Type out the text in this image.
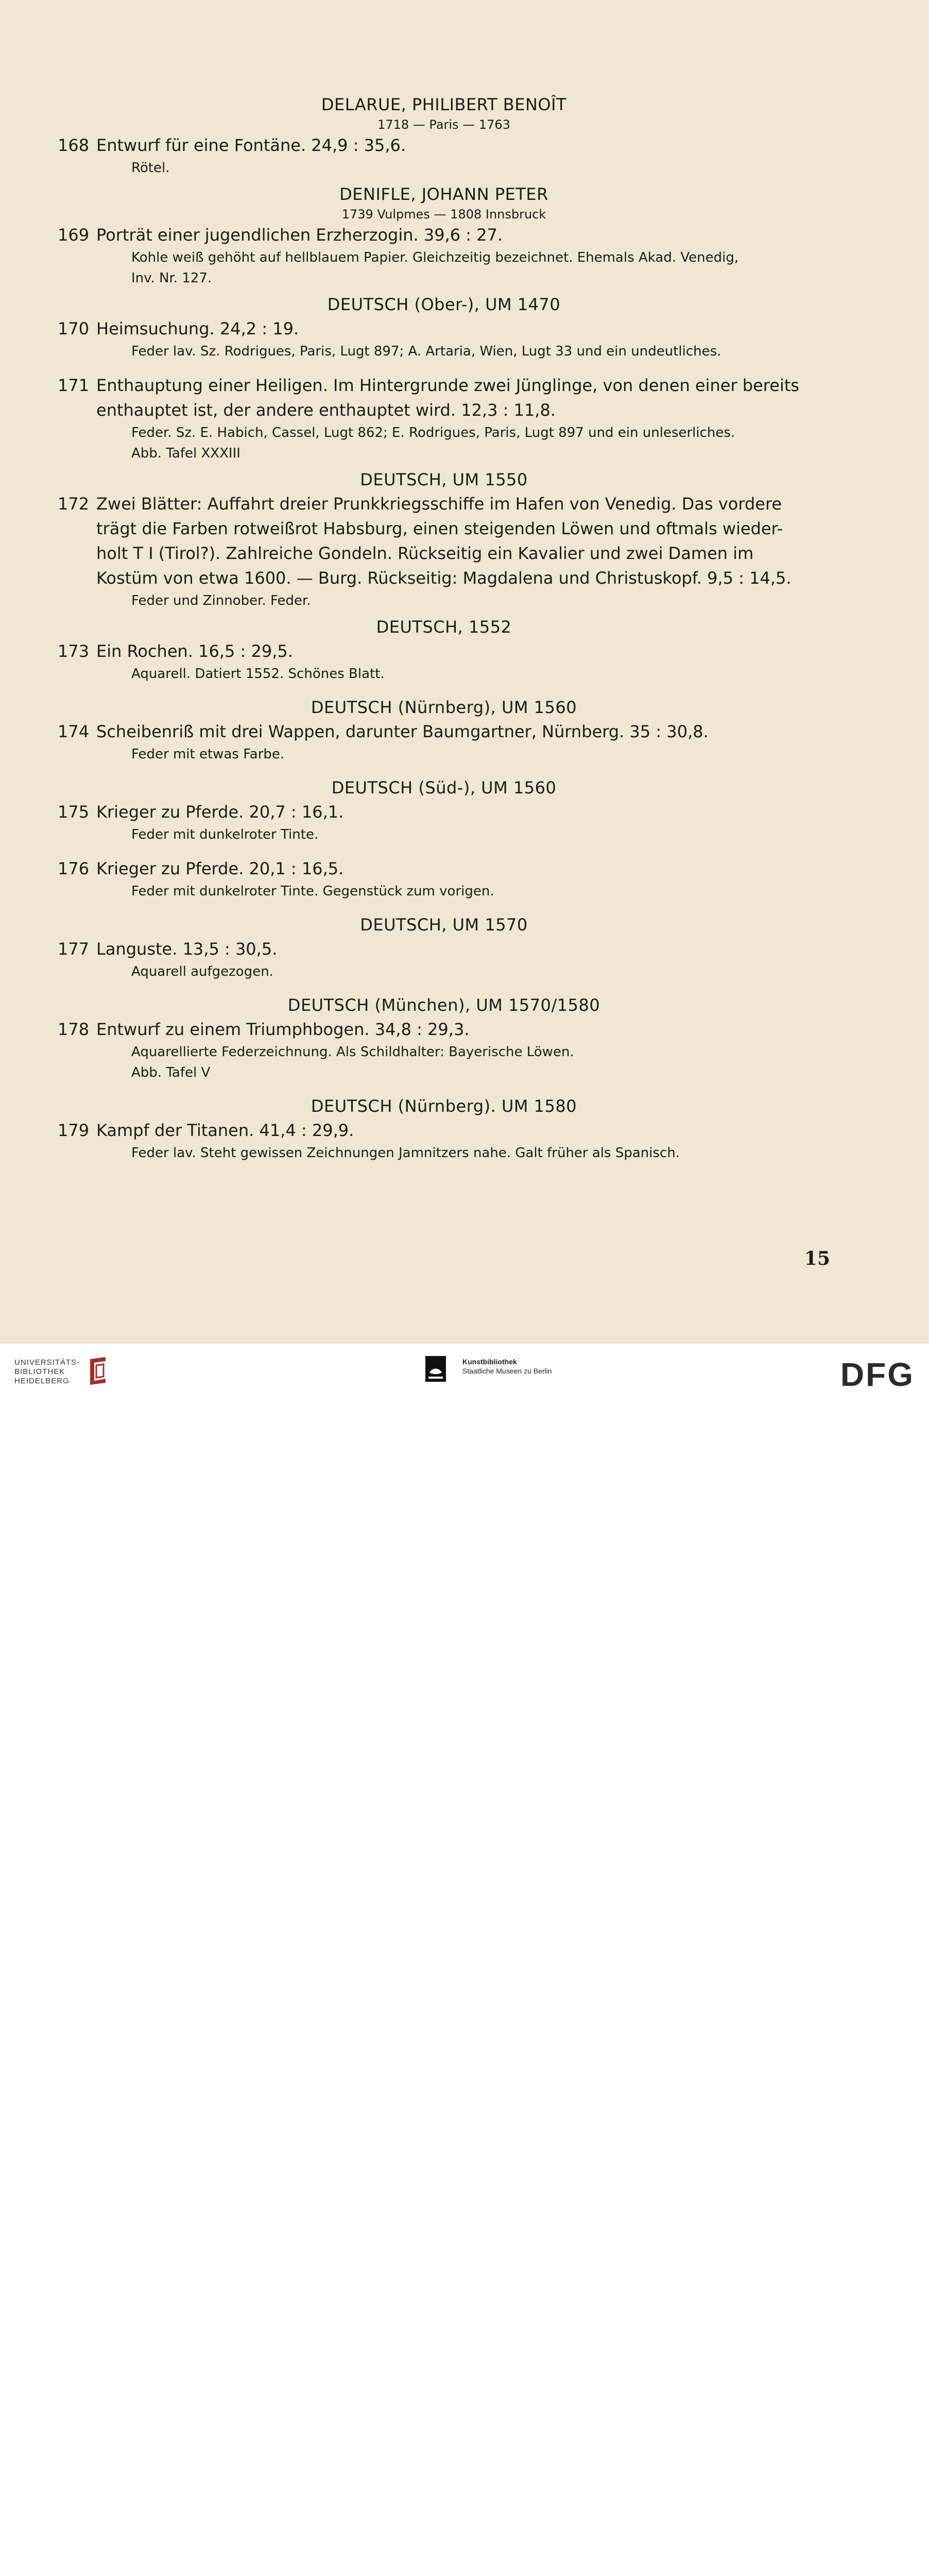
DELARUE, PHILIBERT BENOÎT

1718 — Paris — 1763

168 Entwurf für eine Fontäne. 24,9 : 35,6.

Rötel.

DENIFLE, JOHANN PETER

1739 Vulpmes — 1808 Innsbruck

169 Porträt einer jugendlichen Erzherzogin. 39,6 : 27.

Kohle weiß gehöht auf hellblauem Papier. Gleichzeitig bezeichnet. Ehemals Akad. Venedig,

Inv. Nr. 127.

DEUTSCH (Ober-), UM 1470

170 Heimsuchung. 24,2 : 19.

Feder lav. Sz. Rodrigues, Paris, Lugt 897; A. Artaria, Wien, Lugt 33 und ein undeutliches.

171 Enthauptung einer Heiligen. Im Hintergrunde zwei Jünglinge, von denen einer bereits

enthauptet ist, der andere enthauptet wird. 12,3 : 11,8.

Feder. Sz. E. Habich, Cassel, Lugt 862; E. Rodrigues, Paris, Lugt 897 und ein unleserliches.

Abb. Tafel XXXIII

DEUTSCH, UM 1550

172 Zwei Blätter: Auffahrt dreier Prunkkriegsschiffe im Hafen von Venedig. Das vordere

trägt die Farben rotweißrot Habsburg, einen steigenden Löwen und oftmals wieder-

holt T I (Tirol?). Zahlreiche Gondeln. Rückseitig ein Kavalier und zwei Damen im

Kostüm von etwa 1600. — Burg. Rückseitig: Magdalena und Christuskopf. 9,5 : 14,5.

Feder und Zinnober. Feder.

DEUTSCH, 1552

173 Ein Rochen. 16,5 : 29,5.

Aquarell. Datiert 1552. Schönes Blatt.

DEUTSCH (Nürnberg), UM 1560

174 Scheibenriß mit drei Wappen, darunter Baumgartner, Nürnberg. 35 : 30,8.

Feder mit etwas Farbe.

DEUTSCH (Süd-), UM 1560

175 Krieger zu Pferde. 20,7 : 16,1.

Feder mit dunkelroter Tinte.

176 Krieger zu Pferde. 20,1 : 16,5.

Feder mit dunkelroter Tinte. Gegenstück zum vorigen.

DEUTSCH, UM 1570

177 Languste. 13,5 : 30,5.

Aquarell aufgezogen.

DEUTSCH (München), UM 1570/1580

178 Entwurf zu einem Triumphbogen. 34,8 : 29,3.

Aquarellierte Federzeichnung. Als Schildhalter: Bayerische Löwen.

Abb. Tafel V

DEUTSCH (Nürnberg). UM 1580

179 Kampf der Titanen. 41,4 : 29,9.

Feder lav. Steht gewissen Zeichnungen Jamnitzers nahe. Galt früher als Spanisch.

15
UNIVERSITÄTS-
BIBLIOTHEK
HEIDELBERG
Kunstbibliothek
Staatliche Museen zu Berlin	DFG
